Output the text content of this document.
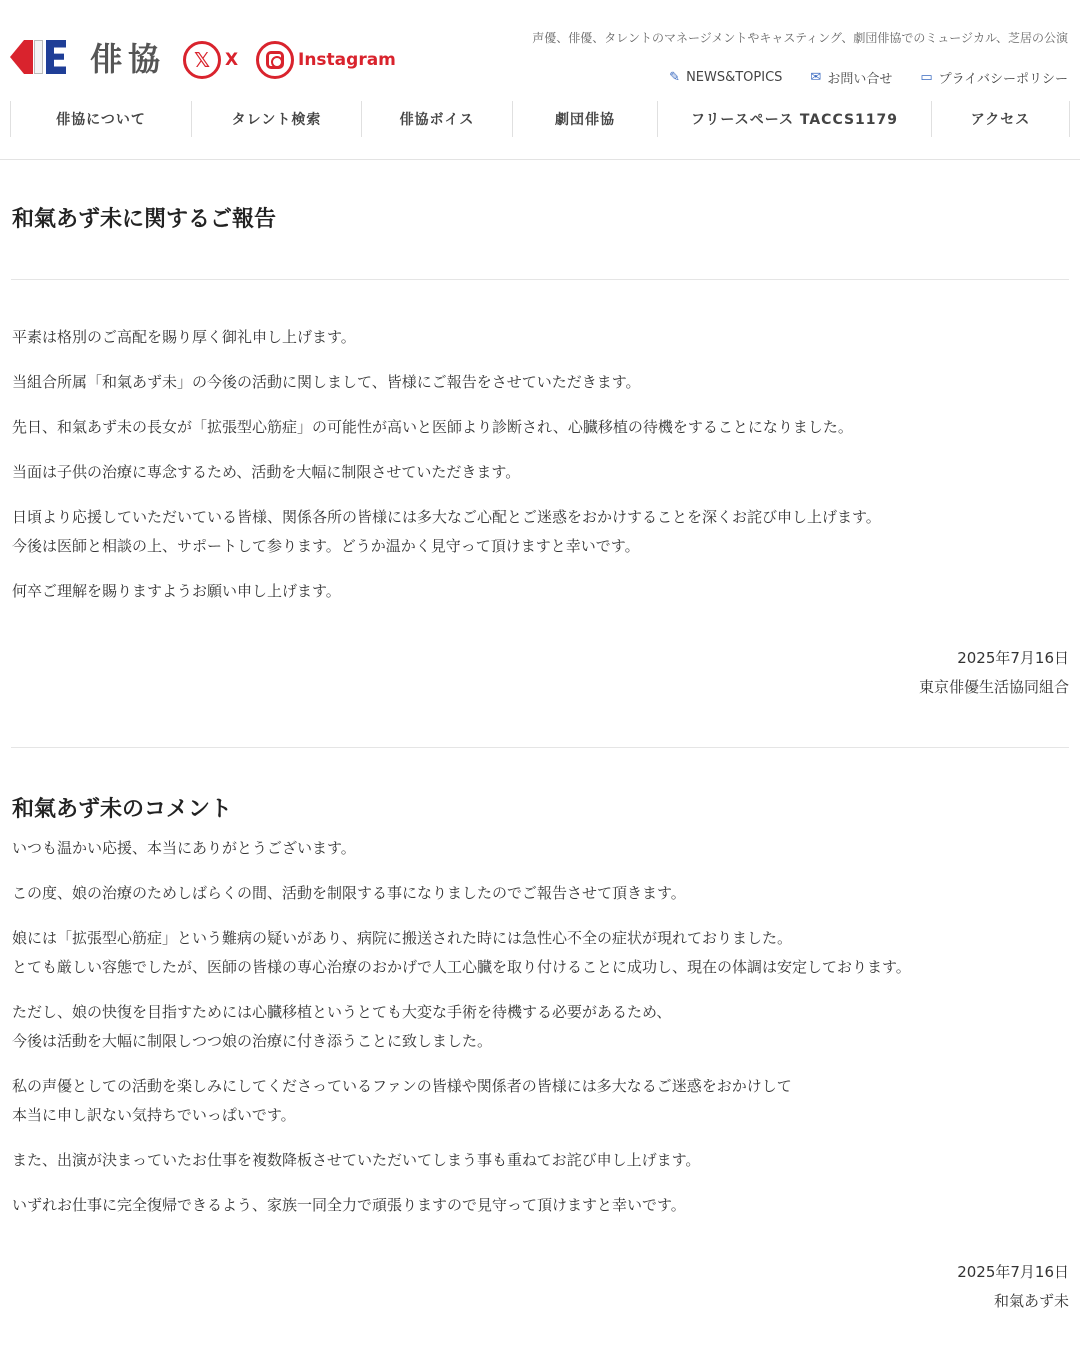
俳協	𝕏 X	Instagram
声優、俳優、タレントのマネージメントやキャスティング、劇団俳協でのミュージカル、芝居の公演
✎ NEWS&TOPICS ✉ お問い合せ ▭ プライバシーポリシー
俳協について	タレント検索	俳協ボイス	劇団俳協	フリースペース TACCS1179	アクセス
和氣あず未に関するご報告

平素は格別のご高配を賜り厚く御礼申し上げます。

当組合所属「和氣あず未」の今後の活動に関しまして、皆様にご報告をさせていただきます。

先日、和氣あず未の長女が「拡張型心筋症」の可能性が高いと医師より診断され、心臓移植の待機をすることになりました。

当面は子供の治療に専念するため、活動を大幅に制限させていただきます。

日頃より応援していただいている皆様、関係各所の皆様には多大なご心配とご迷惑をおかけすることを深くお詫び申し上げます。

今後は医師と相談の上、サポートして参ります。どうか温かく見守って頂けますと幸いです。

何卒ご理解を賜りますようお願い申し上げます。

2025年7月16日

東京俳優生活協同組合

和氣あず未のコメント

いつも温かい応援、本当にありがとうございます。

この度、娘の治療のためしばらくの間、活動を制限する事になりましたのでご報告させて頂きます。

娘には「拡張型心筋症」という難病の疑いがあり、病院に搬送された時には急性心不全の症状が現れておりました。

とても厳しい容態でしたが、医師の皆様の専心治療のおかげで人工心臓を取り付けることに成功し、現在の体調は安定しております。

ただし、娘の快復を目指すためには心臓移植というとても大変な手術を待機する必要があるため、

今後は活動を大幅に制限しつつ娘の治療に付き添うことに致しました。

私の声優としての活動を楽しみにしてくださっているファンの皆様や関係者の皆様には多大なるご迷惑をおかけして

本当に申し訳ない気持ちでいっぱいです。

また、出演が決まっていたお仕事を複数降板させていただいてしまう事も重ねてお詫び申し上げます。

いずれお仕事に完全復帰できるよう、家族一同全力で頑張りますので見守って頂けますと幸いです。

2025年7月16日

和氣あず未
